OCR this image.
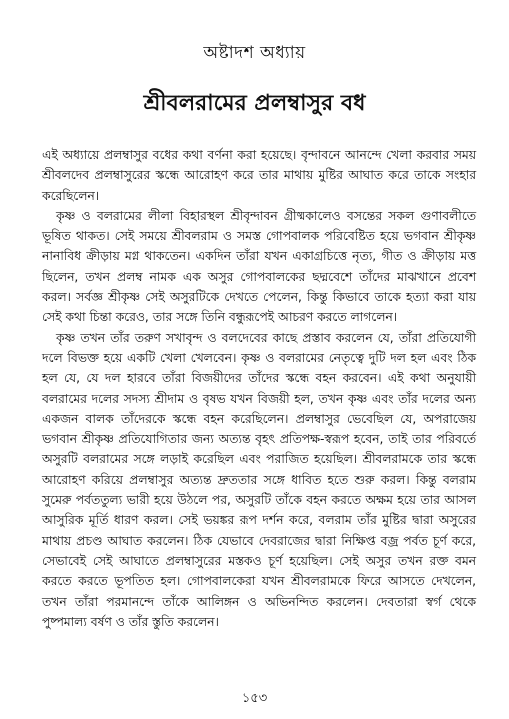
অষ্টাদশ অধ্যায়
শ্রীবলরামের প্রলম্বাসুর বধ

এই অধ্যায়ে প্রলম্বাসুর বধের কথা বর্ণনা করা হয়েছে। বৃন্দাবনে আনন্দে খেলা করবার সময় শ্রীবলদেব প্রলম্বাসুরের স্কন্ধে আরোহণ করে তার মাথায় মুষ্টির আঘাত করে তাকে সংহার করেছিলেন।

কৃষ্ণ ও বলরামের লীলা বিহারস্থল শ্রীবৃন্দাবন গ্রীষ্মকালেও বসন্তের সকল গুণাবলীতে ভূষিত থাকত। সেই সময়ে শ্রীবলরাম ও সমস্ত গোপবালক পরিবেষ্টিত হয়ে ভগবান শ্রীকৃষ্ণ নানাবিধ ক্রীড়ায় মগ্ন থাকতেন। একদিন তাঁরা যখন একাগ্রচিত্তে নৃত্য, গীত ও ক্রীড়ায় মত্ত ছিলেন, তখন প্রলম্ব নামক এক অসুর গোপবালকের ছদ্মবেশে তাঁদের মাঝখানে প্রবেশ করল। সর্বজ্ঞ শ্রীকৃষ্ণ সেই অসুরটিকে দেখতে পেলেন, কিন্তু কিভাবে তাকে হত্যা করা যায় সেই কথা চিন্তা করেও, তার সঙ্গে তিনি বন্ধুরূপেই আচরণ করতে লাগলেন।

কৃষ্ণ তখন তাঁর তরুণ সখাবৃন্দ ও বলদেবের কাছে প্রস্তাব করলেন যে, তাঁরা প্রতিযোগী দলে বিভক্ত হয়ে একটি খেলা খেলবেন। কৃষ্ণ ও বলরামের নেতৃত্বে দুটি দল হল এবং ঠিক হল যে, যে দল হারবে তাঁরা বিজয়ীদের তাঁদের স্কন্ধে বহন করবেন। এই কথা অনুযায়ী বলরামের দলের সদস্য শ্রীদাম ও বৃষভ যখন বিজয়ী হল, তখন কৃষ্ণ এবং তাঁর দলের অন্য একজন বালক তাঁদেরকে স্কন্ধে বহন করেছিলেন। প্রলম্বাসুর ভেবেছিল যে, অপরাজেয় ভগবান শ্রীকৃষ্ণ প্রতিযোগিতার জন্য অত্যন্ত বৃহৎ প্রতিপক্ষ-স্বরূপ হবেন, তাই তার পরিবর্তে অসুরটি বলরামের সঙ্গে লড়াই করেছিল এবং পরাজিত হয়েছিল। শ্রীবলরামকে তার স্কন্ধে আরোহণ করিয়ে প্রলম্বাসুর অত্যন্ত দ্রুততার সঙ্গে ধাবিত হতে শুরু করল। কিন্তু বলরাম সুমেরু পর্বততুল্য ভারী হয়ে উঠলে পর, অসুরটি তাঁকে বহন করতে অক্ষম হয়ে তার আসল আসুরিক মূর্তি ধারণ করল। সেই ভয়ঙ্কর রূপ দর্শন করে, বলরাম তাঁর মুষ্টির দ্বারা অসুরের মাথায় প্রচণ্ড আঘাত করলেন। ঠিক যেভাবে দেবরাজের দ্বারা নিক্ষিপ্ত বজ্র পর্বত চূর্ণ করে, সেভাবেই সেই আঘাতে প্রলম্বাসুরের মস্তকও চূর্ণ হয়েছিল। সেই অসুর তখন রক্ত বমন করতে করতে ভূপতিত হল। গোপবালকেরা যখন শ্রীবলরামকে ফিরে আসতে দেখলেন, তখন তাঁরা পরমানন্দে তাঁকে আলিঙ্গন ও অভিনন্দিত করলেন। দেবতারা স্বর্গ থেকে পুষ্পমাল্য বর্ষণ ও তাঁর স্তুতি করলেন।

১৫৩
